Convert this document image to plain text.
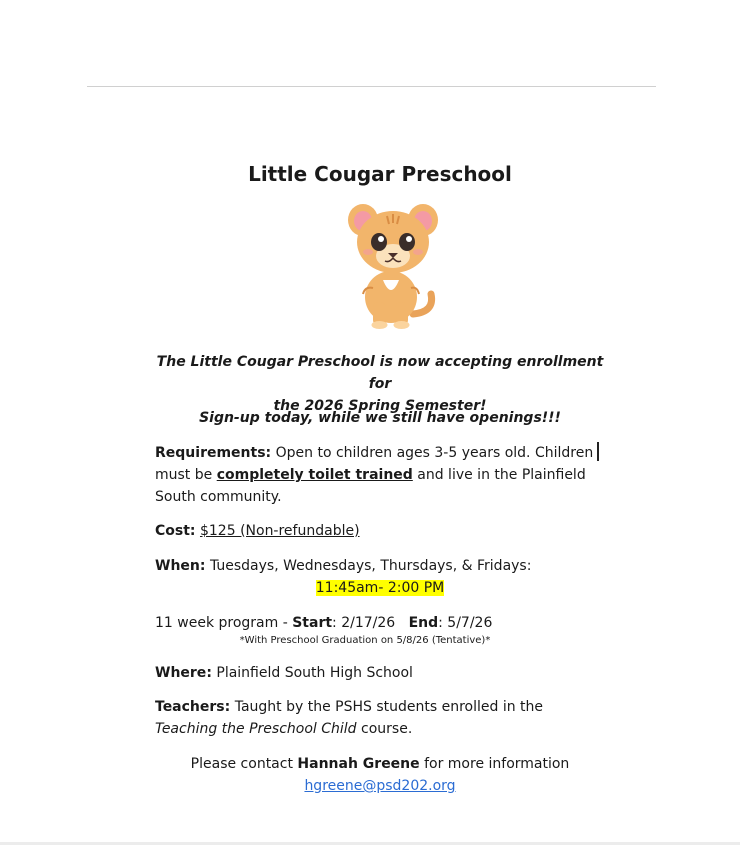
Little Cougar Preschool
The Little Cougar Preschool is now accepting enrollment for
the 2026 Spring Semester!
Sign-up today, while we still have openings!!!
Requirements: Open to children ages 3-5 years old. Children
must be completely toilet trained and live in the Plainfield
South community.
Cost: $125 (Non-refundable)
When: Tuesdays, Wednesdays, Thursdays, & Fridays:
11:45am- 2:00 PM
11 week program - Start: 2/17/26 End: 5/7/26
*With Preschool Graduation on 5/8/26 (Tentative)*
Where: Plainfield South High School
Teachers: Taught by the PSHS students enrolled in the
Teaching the Preschool Child course.
Please contact Hannah Greene for more information
hgreene@psd202.org
